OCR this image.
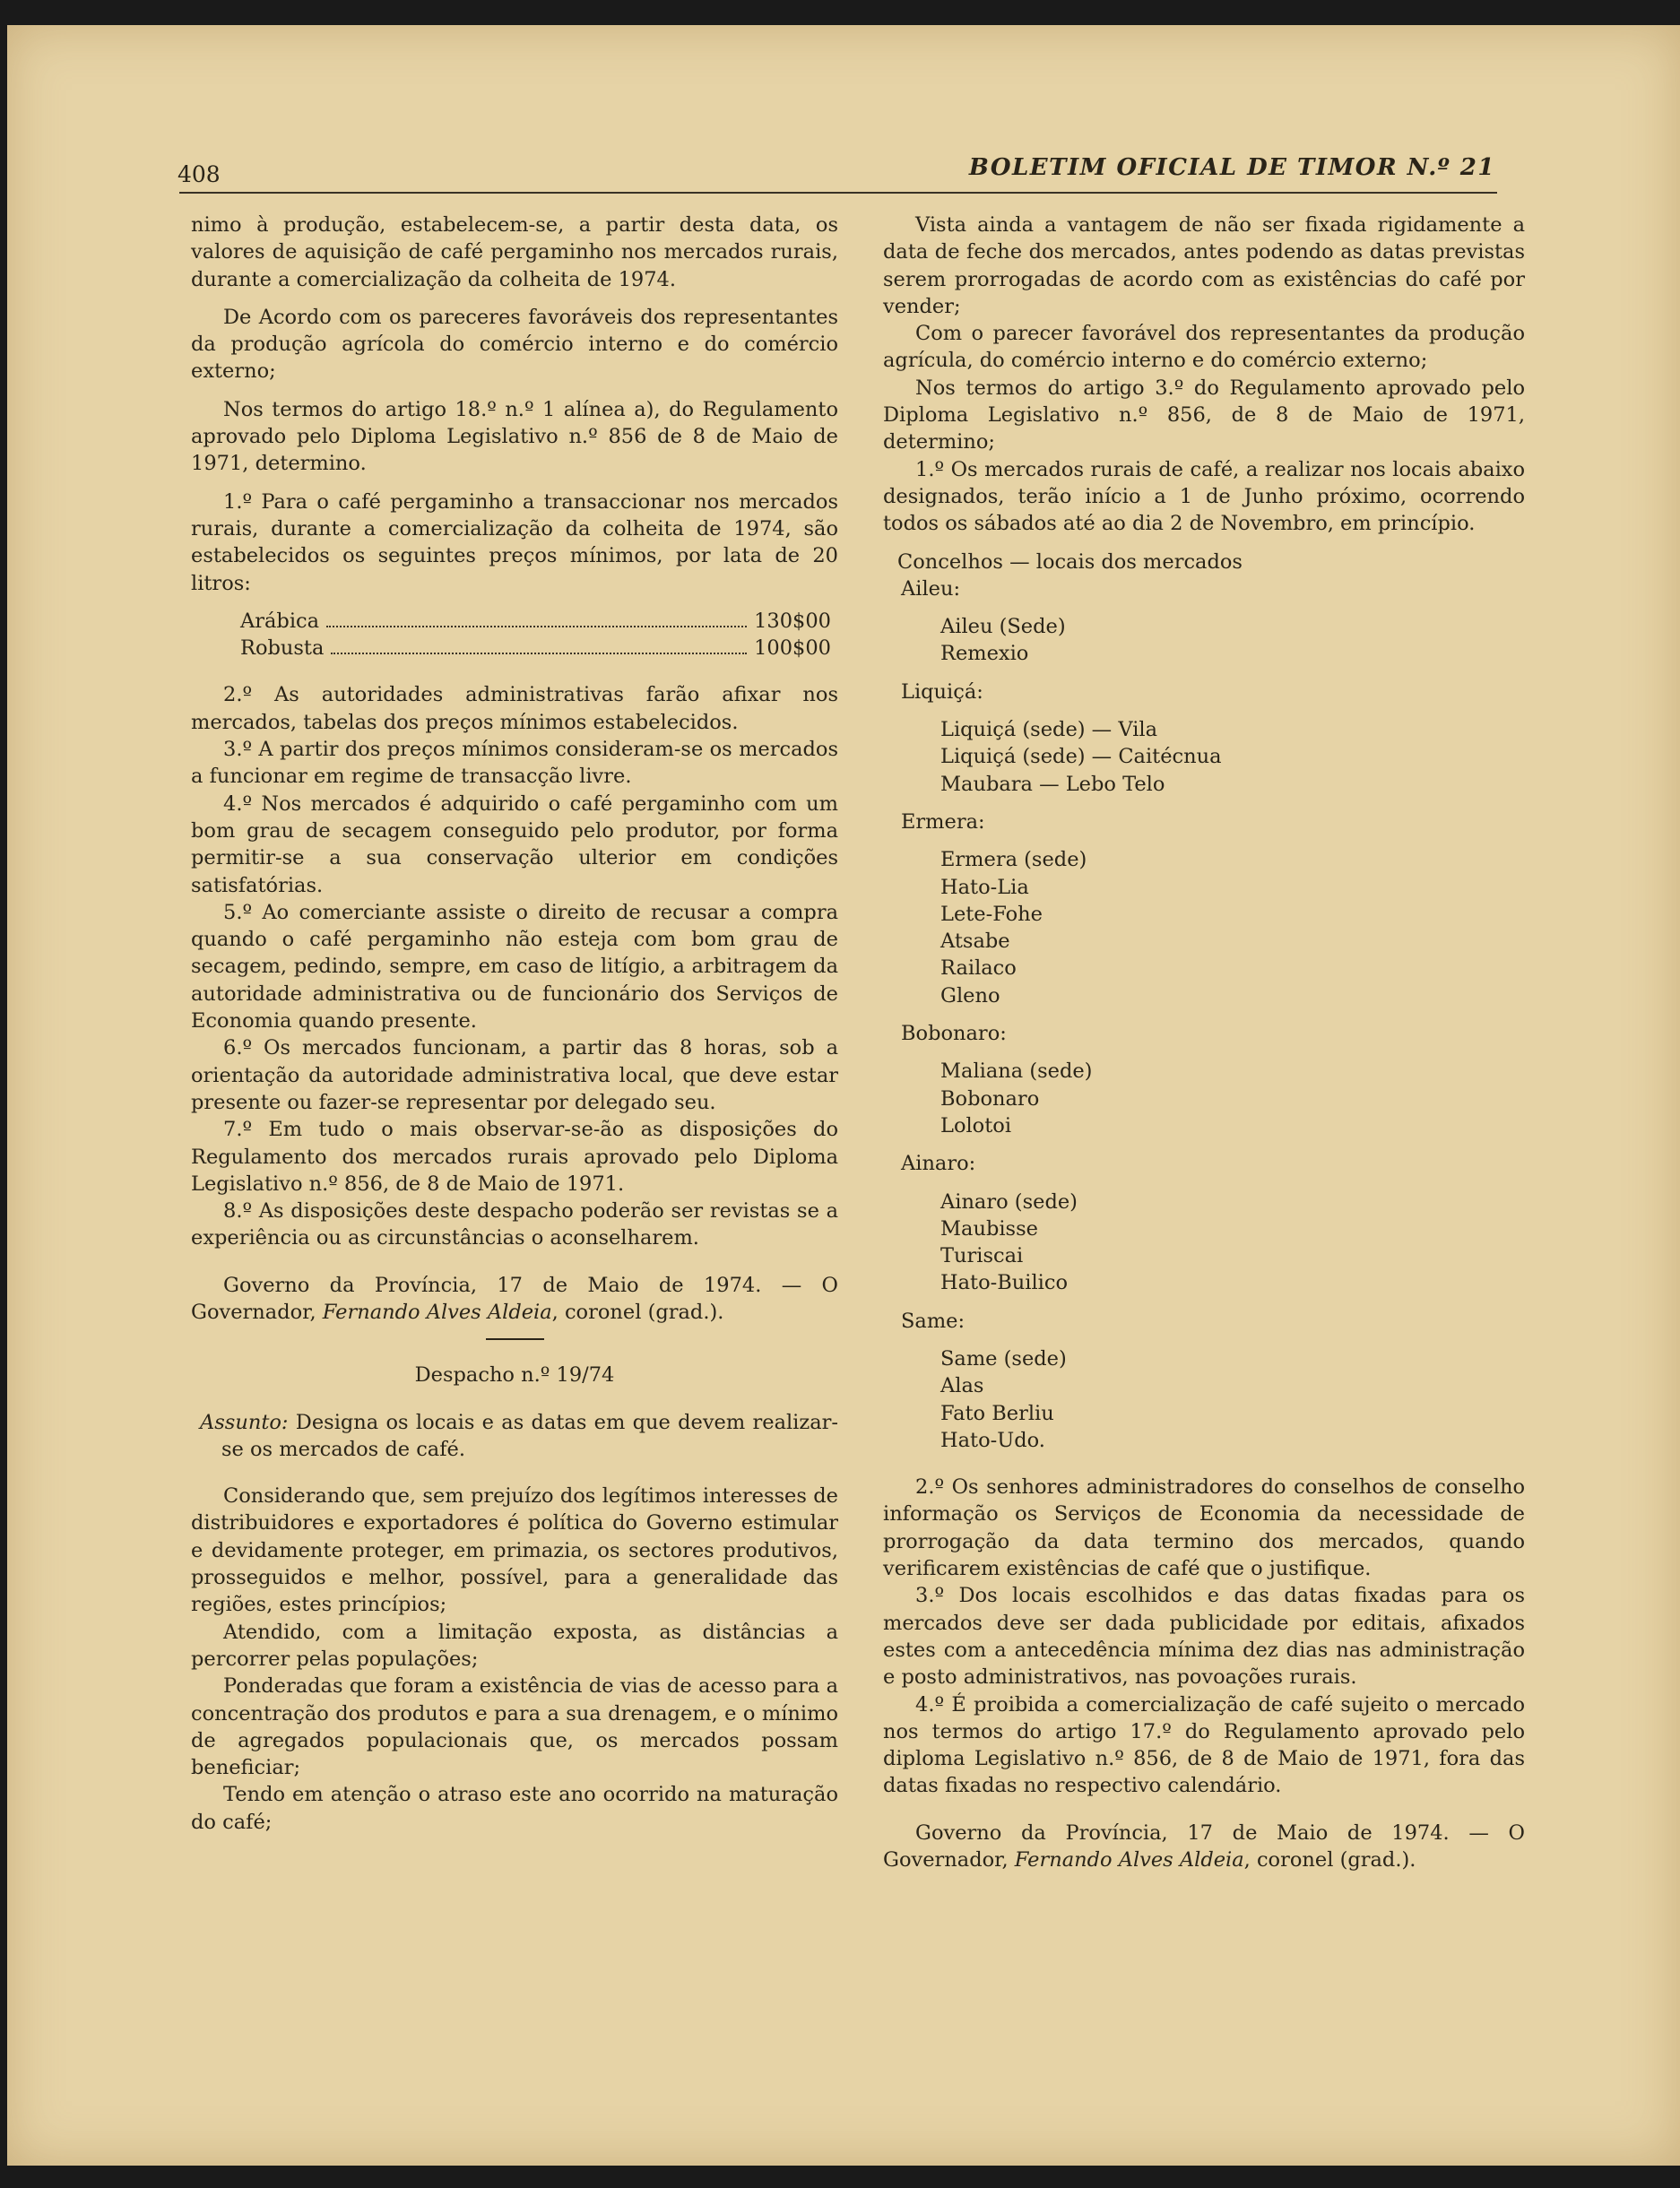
408	BOLETIM OFICIAL DE TIMOR N.º 21

nimo à produção, estabelecem-se, a partir desta data, os valores de aquisição de café pergaminho nos mercados rurais, durante a comercialização da colheita de 1974.

De Acordo com os pareceres favoráveis dos representantes da produção agrícola do comércio interno e do comércio externo;

Nos termos do artigo 18.º n.º 1 alínea a), do Regulamento aprovado pelo Diploma Legislativo n.º 856 de 8 de Maio de 1971, determino.

1.º Para o café pergaminho a transaccionar nos mercados rurais, durante a comercialização da colheita de 1974, são estabelecidos os seguintes preços mínimos, por lata de 20 litros:

Arábica	130$00
Robusta	100$00

2.º As autoridades administrativas farão afixar nos mercados, tabelas dos preços mínimos estabelecidos.

3.º A partir dos preços mínimos consideram-se os mercados a funcionar em regime de transacção livre.

4.º Nos mercados é adquirido o café pergaminho com um bom grau de secagem conseguido pelo produtor, por forma permitir-se a sua conservação ulterior em condições satisfatórias.

5.º Ao comerciante assiste o direito de recusar a compra quando o café pergaminho não esteja com bom grau de secagem, pedindo, sempre, em caso de litígio, a arbitragem da autoridade administrativa ou de funcionário dos Serviços de Economia quando presente.

6.º Os mercados funcionam, a partir das 8 horas, sob a orientação da autoridade administrativa local, que deve estar presente ou fazer-se representar por delegado seu.

7.º Em tudo o mais observar-se-ão as disposições do Regulamento dos mercados rurais aprovado pelo Diploma Legislativo n.º 856, de 8 de Maio de 1971.

8.º As disposições deste despacho poderão ser revistas se a experiência ou as circunstâncias o aconselharem.

Governo da Província, 17 de Maio de 1974. — O Governador, Fernando Alves Aldeia, coronel (grad.).

Despacho n.º 19/74

Assunto: Designa os locais e as datas em que devem realizar-se os mercados de café.

Considerando que, sem prejuízo dos legítimos interesses de distribuidores e exportadores é política do Governo estimular e devidamente proteger, em primazia, os sectores produtivos, prosseguidos e melhor, possível, para a generalidade das regiões, estes princípios;

Atendido, com a limitação exposta, as distâncias a percorrer pelas populações;

Ponderadas que foram a existência de vias de acesso para a concentração dos produtos e para a sua drenagem, e o mínimo de agregados populacionais que, os mercados possam beneficiar;

Tendo em atenção o atraso este ano ocorrido na maturação do café;

Vista ainda a vantagem de não ser fixada rigidamente a data de feche dos mercados, antes podendo as datas previstas serem prorrogadas de acordo com as existências do café por vender;

Com o parecer favorável dos representantes da produção agrícula, do comércio interno e do comércio externo;

Nos termos do artigo 3.º do Regulamento aprovado pelo Diploma Legislativo n.º 856, de 8 de Maio de 1971, determino;

1.º Os mercados rurais de café, a realizar nos locais abaixo designados, terão início a 1 de Junho próximo, ocorrendo todos os sábados até ao dia 2 de Novembro, em princípio.

Concelhos — locais dos mercados
Aileu:
Aileu (Sede)
Remexio
Liquiçá:
Liquiçá (sede) — Vila
Liquiçá (sede) — Caitécnua
Maubara — Lebo Telo
Ermera:
Ermera (sede)
Hato-Lia
Lete-Fohe
Atsabe
Railaco
Gleno
Bobonaro:
Maliana (sede)
Bobonaro
Lolotoi
Ainaro:
Ainaro (sede)
Maubisse
Turiscai
Hato-Builico
Same:
Same (sede)
Alas
Fato Berliu
Hato-Udo.

2.º Os senhores administradores do conselhos de conselho informação os Serviços de Economia da necessidade de prorrogação da data termino dos mercados, quando verificarem existências de café que o justifique.

3.º Dos locais escolhidos e das datas fixadas para os mercados deve ser dada publicidade por editais, afixados estes com a antecedência mínima dez dias nas administração e posto administrativos, nas povoações rurais.

4.º É proibida a comercialização de café sujeito o mercado nos termos do artigo 17.º do Regulamento aprovado pelo diploma Legislativo n.º 856, de 8 de Maio de 1971, fora das datas fixadas no respectivo calendário.

Governo da Província, 17 de Maio de 1974. — O Governador, Fernando Alves Aldeia, coronel (grad.).
